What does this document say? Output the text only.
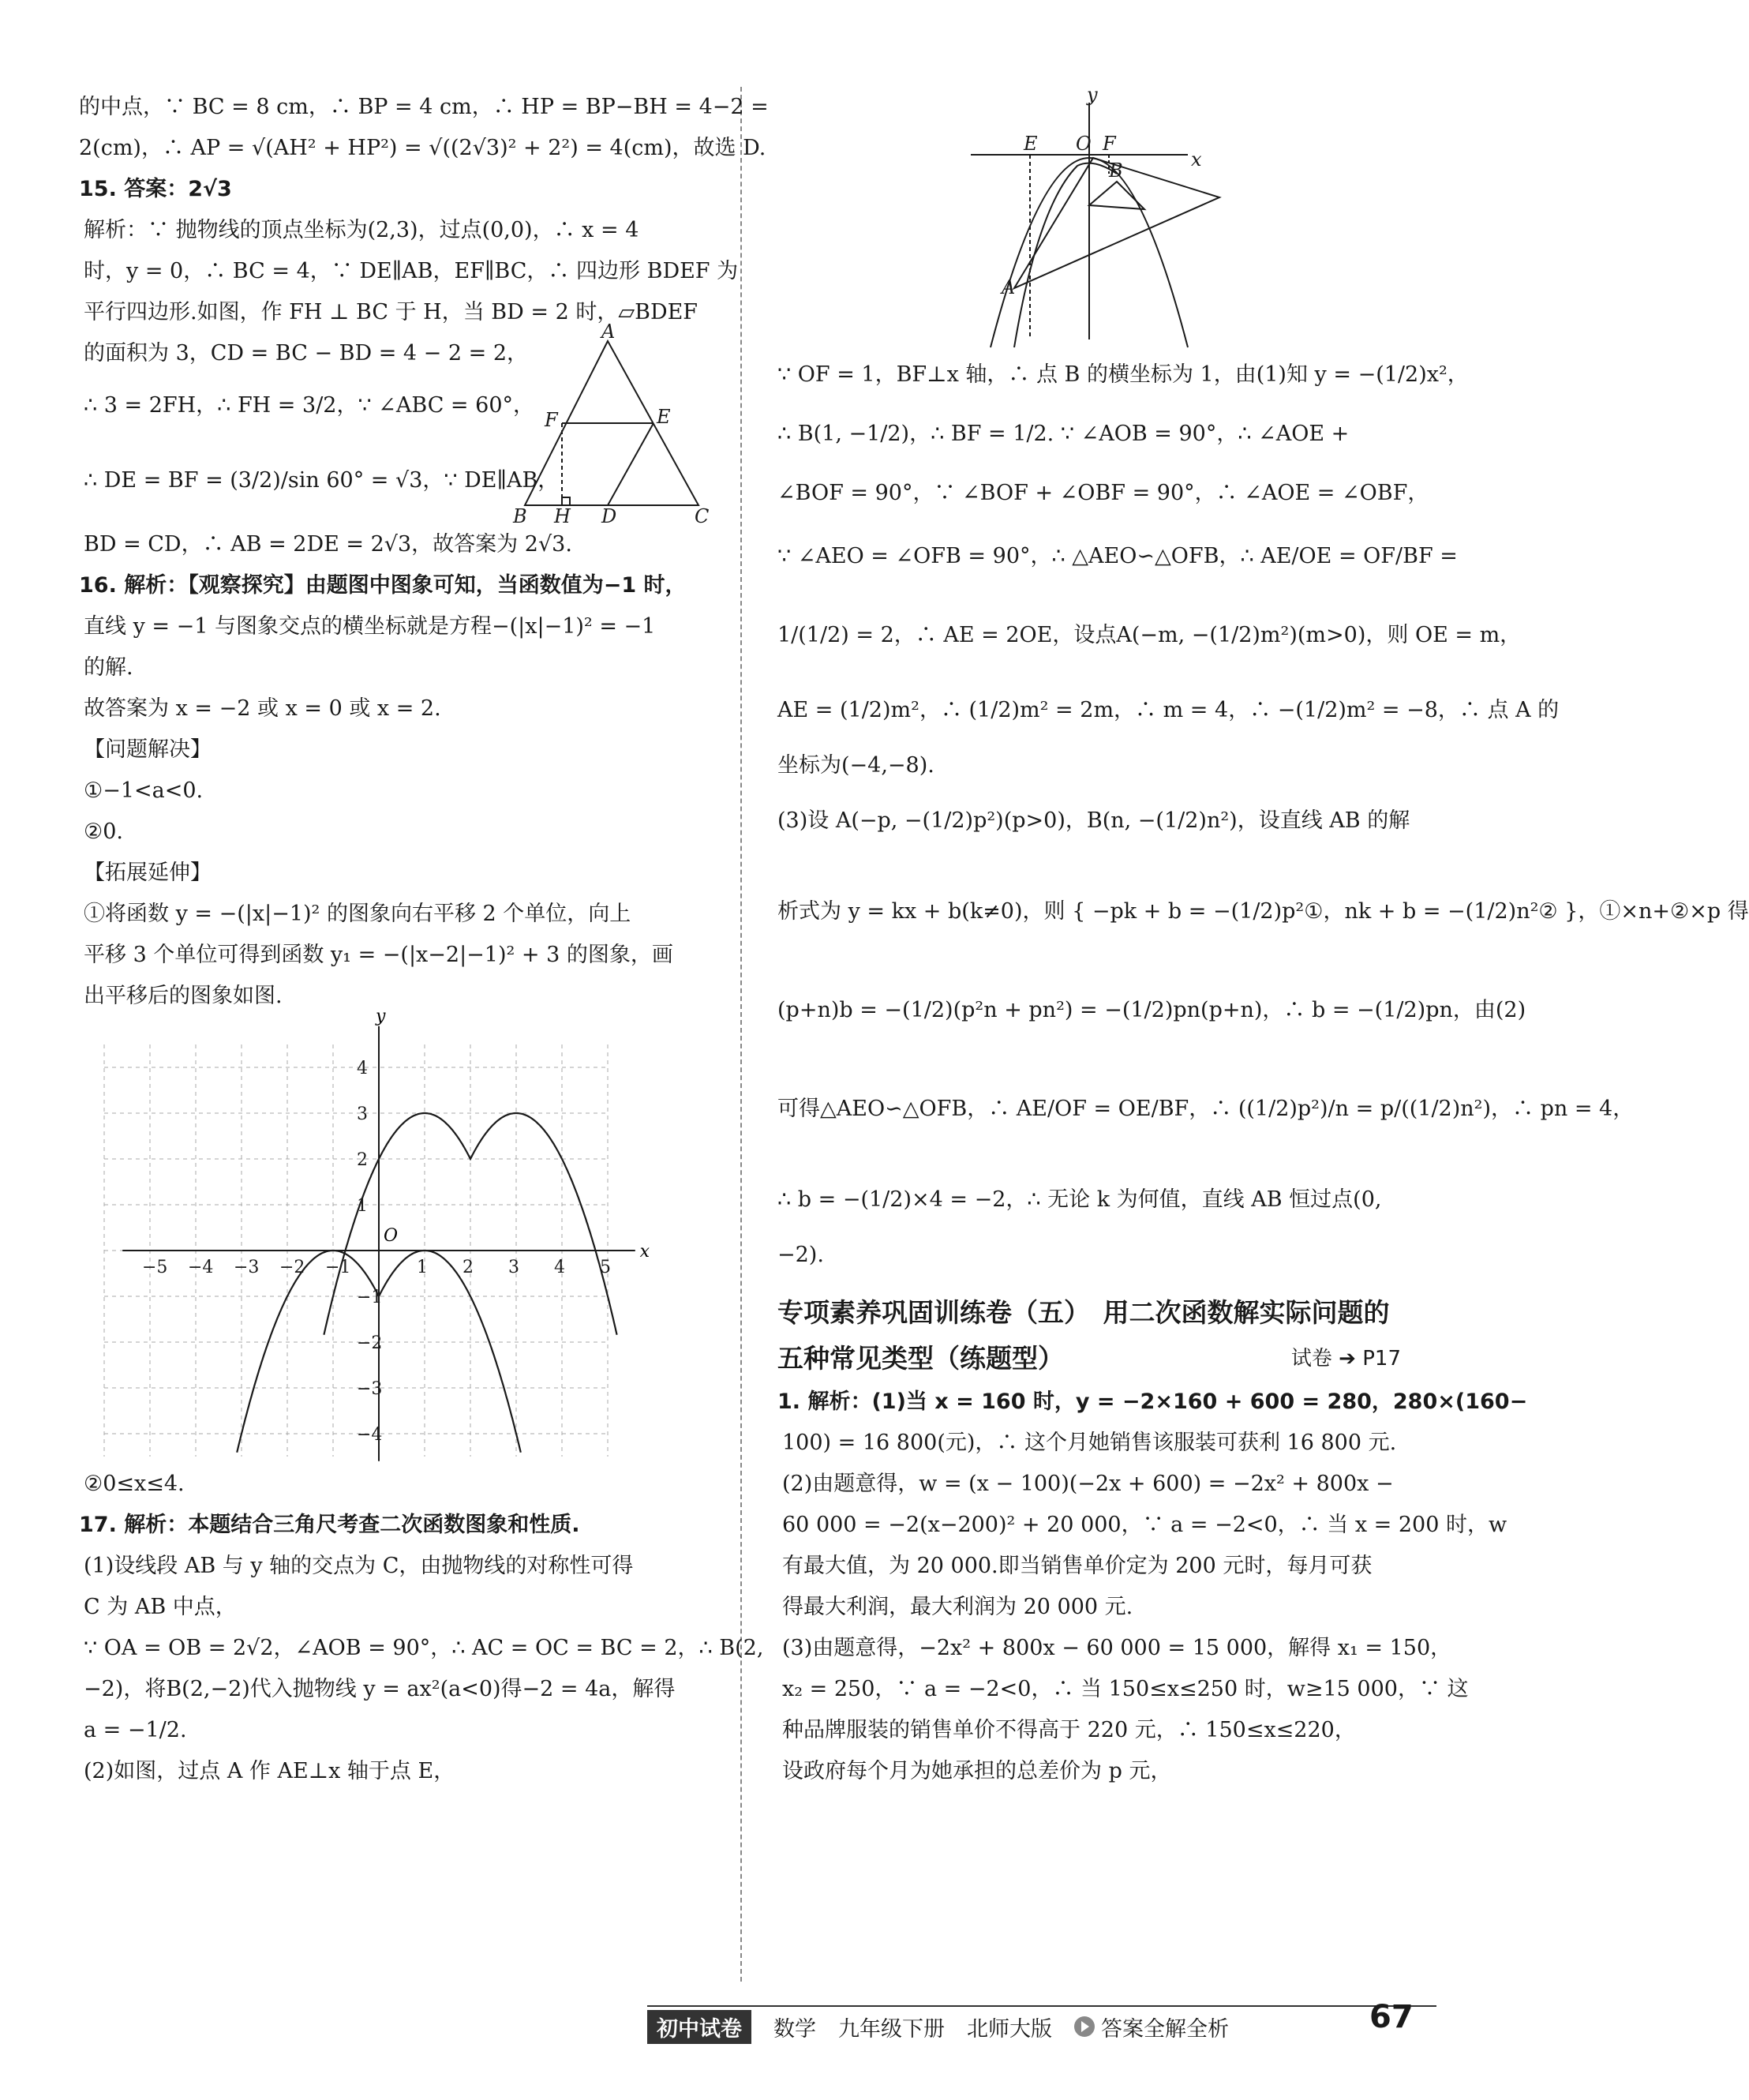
的中点，∵ BC = 8 cm，∴ BP = 4 cm，∴ HP = BP−BH = 4−2 =
2(cm)，∴ AP = √(AH² + HP²) = √((2√3)² + 2²) = 4(cm)，故选 D.
15. 答案：2√3
解析：∵ 抛物线的顶点坐标为(2,3)，过点(0,0)，∴ x = 4
时，y = 0，∴ BC = 4，∵ DE∥AB，EF∥BC，∴ 四边形 BDEF 为
平行四边形.如图，作 FH ⊥ BC 于 H，当 BD = 2 时，▱BDEF
的面积为 3，CD = BC − BD = 4 − 2 = 2，
∴ 3 = 2FH，∴ FH = 3/2，∵ ∠ABC = 60°，
∴ DE = BF = (3/2)/sin 60° = √3，∵ DE∥AB，
A
F	E
B H D	C
BD = CD，∴ AB = 2DE = 2√3，故答案为 2√3.
16. 解析：【观察探究】由题图中图象可知，当函数值为−1 时，
直线 y = −1 与图象交点的横坐标就是方程−(|x|−1)² = −1
的解.
故答案为 x = −2 或 x = 0 或 x = 2.
【问题解决】
①−1<a<0.
②0.
【拓展延伸】
①将函数 y = −(|x|−1)² 的图象向右平移 2 个单位，向上
平移 3 个单位可得到函数 y₁ = −(|x−2|−1)² + 3 的图象，画
出平移后的图象如图.
−5 −4 −3 −2 −1	1 2 3 4 5
4
3
2
1
−1
−2
−3
−4
x
y
O
②0≤x≤4.
17. 解析：本题结合三角尺考查二次函数图象和性质.
(1)设线段 AB 与 y 轴的交点为 C，由抛物线的对称性可得
C 为 AB 中点，
∵ OA = OB = 2√2，∠AOB = 90°，∴ AC = OC = BC = 2，∴ B(2,
−2)，将B(2,−2)代入抛物线 y = ax²(a<0)得−2 = 4a，解得
a = −1/2.
(2)如图，过点 A 作 AE⊥x 轴于点 E，
y
E O F
B	x
A
∵ OF = 1，BF⊥x 轴，∴ 点 B 的横坐标为 1，由(1)知 y = −(1/2)x²，
∴ B(1, −1/2)，∴ BF = 1/2. ∵ ∠AOB = 90°，∴ ∠AOE +
∠BOF = 90°，∵ ∠BOF + ∠OBF = 90°，∴ ∠AOE = ∠OBF，
∵ ∠AEO = ∠OFB = 90°，∴ △AEO∽△OFB，∴ AE/OE = OF/BF =
1/(1/2) = 2，∴ AE = 2OE，设点A(−m, −(1/2)m²)(m>0)，则 OE = m，
AE = (1/2)m²，∴ (1/2)m² = 2m，∴ m = 4，∴ −(1/2)m² = −8，∴ 点 A 的
坐标为(−4,−8).
(3)设 A(−p, −(1/2)p²)(p>0)，B(n, −(1/2)n²)，设直线 AB 的解
析式为 y = kx + b(k≠0)，则 { −pk + b = −(1/2)p²①，nk + b = −(1/2)n²② }，①×n+②×p 得
(p+n)b = −(1/2)(p²n + pn²) = −(1/2)pn(p+n)，∴ b = −(1/2)pn，由(2)
可得△AEO∽△OFB，∴ AE/OF = OE/BF，∴ ((1/2)p²)/n = p/((1/2)n²)，∴ pn = 4，
∴ b = −(1/2)×4 = −2，∴ 无论 k 为何值，直线 AB 恒过点(0,
−2).
专项素养巩固训练卷（五）　用二次函数解实际问题的
五种常见类型（练题型）	试卷 ➔ P17
1. 解析：(1)当 x = 160 时，y = −2×160 + 600 = 280，280×(160−
100) = 16 800(元)，∴ 这个月她销售该服装可获利 16 800 元.
(2)由题意得，w = (x − 100)(−2x + 600) = −2x² + 800x −
60 000 = −2(x−200)² + 20 000，∵ a = −2<0，∴ 当 x = 200 时，w
有最大值，为 20 000.即当销售单价定为 200 元时，每月可获
得最大利润，最大利润为 20 000 元.
(3)由题意得，−2x² + 800x − 60 000 = 15 000，解得 x₁ = 150，
x₂ = 250，∵ a = −2<0，∴ 当 150≤x≤250 时，w≥15 000，∵ 这
种品牌服装的销售单价不得高于 220 元，∴ 150≤x≤220，
设政府每个月为她承担的总差价为 p 元，
初中试卷	数学 九年级下册 北师大版 答案全解全析	67
